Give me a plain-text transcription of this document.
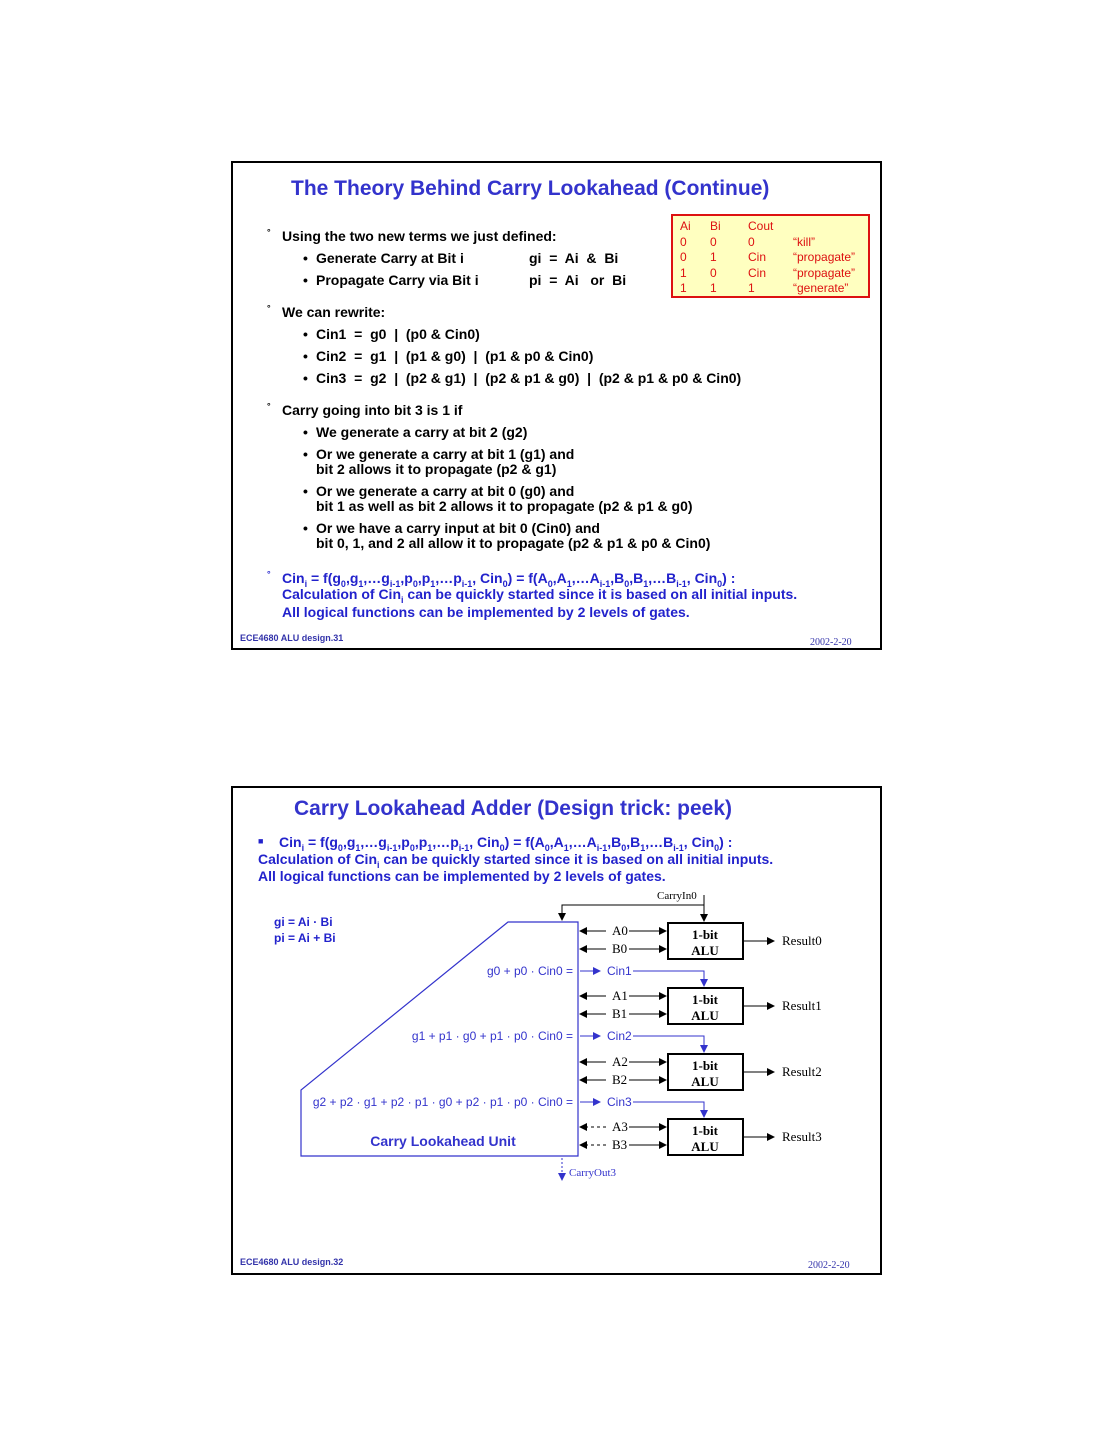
The Theory Behind Carry Lookahead (Continue)
Ai Bi Cout
0 0	0	“kill”
0 1	Cin “propagate”
1 0	Cin “propagate”
1 1	1	“generate”
° Using the two new terms we just defined:
• Generate Carry at Bit i	gi  =  Ai  &  Bi
• Propagate Carry via Bit i	pi  =  Ai   or  Bi
° We can rewrite:
• Cin1  =  g0  |  (p0 & Cin0)
• Cin2  =  g1  |  (p1 & g0)  |  (p1 & p0 & Cin0)
• Cin3  =  g2  |  (p2 & g1)  |  (p2 & p1 & g0)  |  (p2 & p1 & p0 & Cin0)
° Carry going into bit 3 is 1 if
• We generate a carry at bit 2 (g2)
• Or we generate a carry at bit 1 (g1) and
bit 2 allows it to propagate (p2 & g1)
• Or we generate a carry at bit 0 (g0) and
bit 1 as well as bit 2 allows it to propagate (p2 & p1 & g0)
• Or we have a carry input at bit 0 (Cin0) and
bit 0, 1, and 2 all allow it to propagate (p2 & p1 & p0 & Cin0)
° $Cin_i = f(g_0,g_1,\dots g_{i-1},p_0,p_1,\dots p_{i-1}$, $Cin_0) = f(A_0,A_1,\dots A_{i-1},B_0,B_1,\dots B_{i-1}$, Cin$_0$) :
Calculation of Cin$_i$ can be quickly started since it is based on all initial inputs.
All logical functions can be implemented by 2 levels of gates.
ECE4680 ALU design.31	2002-2-20
Carry Lookahead Adder (Design trick: peek)
■ $Cin_i = f(g_0,g_1,\dots g_{i-1},p_0,p_1,\dots p_{i-1}$, $Cin_0) = f(A_0,A_1,\dots A_{i-1},B_0,B_1,\dots B_{i-1}$, Cin$_0$) :
Calculation of Cin$_i$ can be quickly started since it is based on all initial inputs.
All logical functions can be implemented by 2 levels of gates.
gi = Ai · Bi
pi = Ai + Bi
Carry Lookahead Unit
CarryIn0
CarryOut3
1-bit
ALU
A0
B0
Result0
1-bit
ALU
A1
B1
Result1
1-bit
ALU
A2
B2
Result2
1-bit
ALU
A3
B3
Result3
g0 + p0 · Cin0 =	Cin1
g1 + p1 · g0 + p1 · p0 · Cin0 =	Cin2
g2 + p2 · g1 + p2 · p1 · g0 + p2 · p1 · p0 · Cin0 =	Cin3
ECE4680 ALU design.32	2002-2-20
